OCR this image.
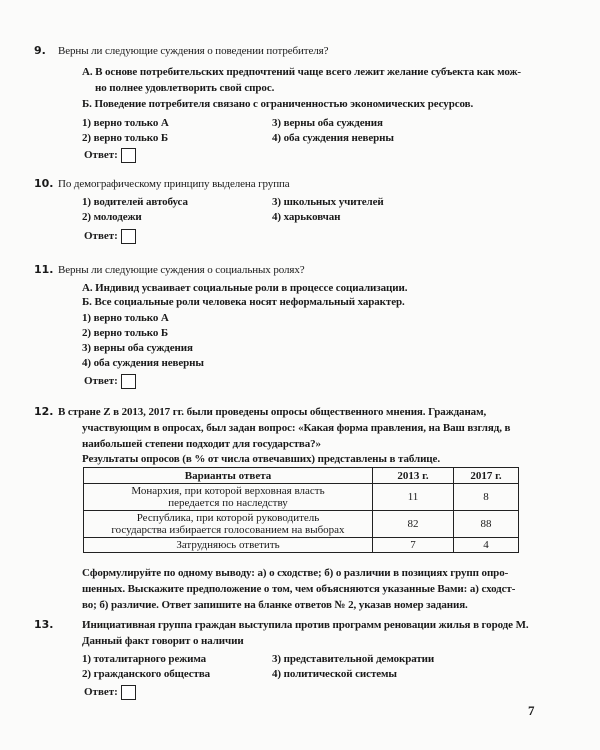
9. Верны ли следующие суждения о поведении потребителя?
А. В основе потребительских предпочтений чаще всего лежит желание субъекта как мож-
но полнее удовлетворить свой спрос.
Б. Поведение потребителя связано с ограниченностью экономических ресурсов.
1) верно только А
2) верно только Б
3) верны оба суждения
4) оба суждения неверны
Ответ:
10. По демографическому принципу выделена группа
1) водителей автобуса
2) молодежи
3) школьных учителей
4) харьковчан
Ответ:
11. Верны ли следующие суждения о социальных ролях?
А. Индивид усваивает социальные роли в процессе социализации.
Б. Все социальные роли человека носят неформальный характер.
1) верно только А
2) верно только Б
3) верны оба суждения
4) оба суждения неверны
Ответ:
12. В стране Z в 2013, 2017 гг. были проведены опросы общественного мнения. Гражданам,
участвующим в опросах, был задан вопрос: «Какая форма правления, на Ваш взгляд, в
наибольшей степени подходит для государства?»
Результаты опросов (в % от числа отвечавших) представлены в таблице.
Варианты ответа	2013 г.	2017 г.
Монархия, при которой верховная власть
передается по наследству	11	8
Республика, при которой руководитель
государства избирается голосованием на выборах	82	88
Затрудняюсь ответить	7	4
Сформулируйте по одному выводу: а) о сходстве; б) о различии в позициях групп опро-
шенных. Выскажите предположение о том, чем объясняются указанные Вами: а) сходст-
во; б) различие. Ответ запишите на бланке ответов № 2, указав номер задания.
13.	Инициативная группа граждан выступила против программ реновации жилья в городе М.
Данный факт говорит о наличии
1) тоталитарного режима
2) гражданского общества
3) представительной демократии
4) политической системы
Ответ:
7
